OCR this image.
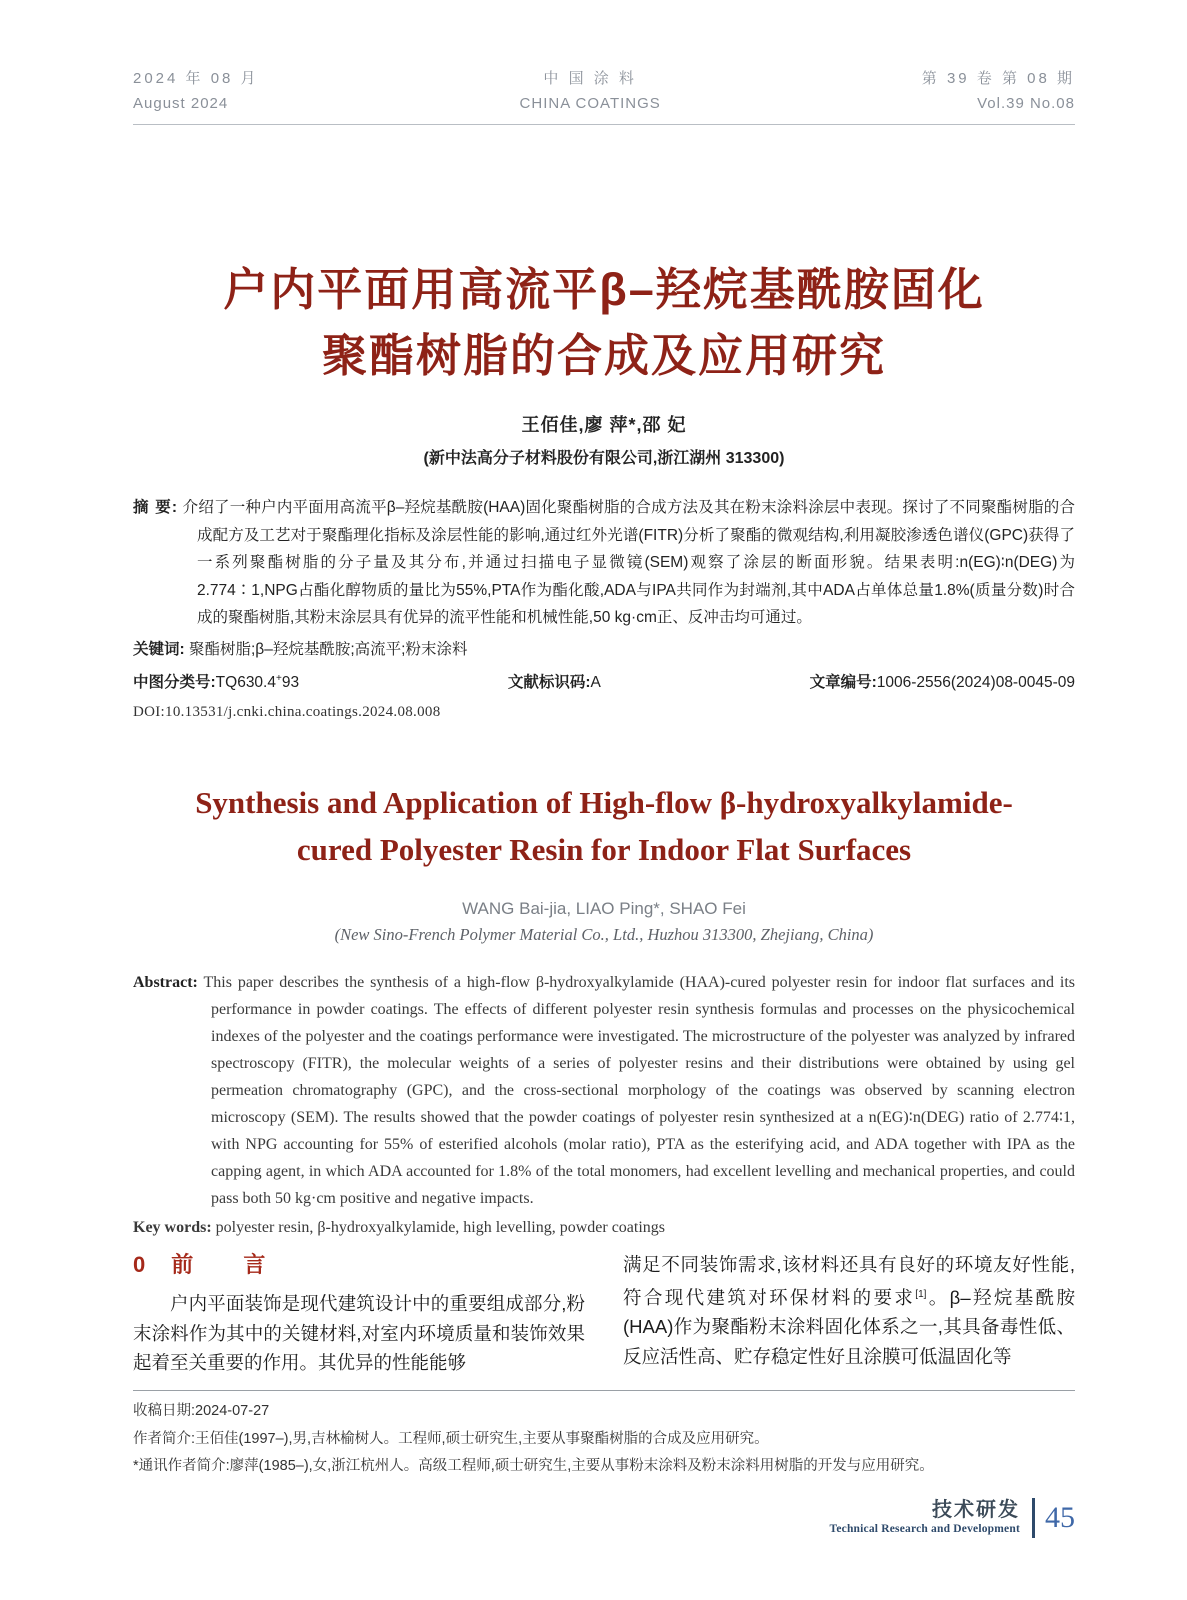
2024 年 08 月
August 2024
中 国 涂 料
CHINA COATINGS
第 39 卷 第 08 期
Vol.39 No.08
户内平面用高流平β–羟烷基酰胺固化
聚酯树脂的合成及应用研究
王佰佳,廖 萍*,邵 妃
(新中法高分子材料股份有限公司,浙江湖州 313300)
摘 要: 介绍了一种户内平面用高流平β–羟烷基酰胺(HAA)固化聚酯树脂的合成方法及其在粉末涂料涂层中表现。探讨了不同聚酯树脂的合成配方及工艺对于聚酯理化指标及涂层性能的影响,通过红外光谱(FITR)分析了聚酯的微观结构,利用凝胶渗透色谱仪(GPC)获得了一系列聚酯树脂的分子量及其分布,并通过扫描电子显微镜(SEM)观察了涂层的断面形貌。结果表明:n(EG)∶n(DEG)为2.774∶1,NPG占酯化醇物质的量比为55%,PTA作为酯化酸,ADA与IPA共同作为封端剂,其中ADA占单体总量1.8%(质量分数)时合成的聚酯树脂,其粉末涂层具有优异的流平性能和机械性能,50 kg·cm正、反冲击均可通过。
关键词: 聚酯树脂;β–羟烷基酰胺;高流平;粉末涂料
中图分类号:TQ630.4+93	文献标识码:A	文章编号:1006-2556(2024)08-0045-09
DOI:10.13531/j.cnki.china.coatings.2024.08.008
Synthesis and Application of High-flow β-hydroxyalkylamide-
cured Polyester Resin for Indoor Flat Surfaces
WANG Bai-jia, LIAO Ping*, SHAO Fei
(New Sino-French Polymer Material Co., Ltd., Huzhou 313300, Zhejiang, China)
Abstract: This paper describes the synthesis of a high-flow β-hydroxyalkylamide (HAA)-cured polyester resin for indoor flat surfaces and its performance in powder coatings. The effects of different polyester resin synthesis formulas and processes on the physicochemical indexes of the polyester and the coatings performance were investigated. The microstructure of the polyester was analyzed by infrared spectroscopy (FITR), the molecular weights of a series of polyester resins and their distributions were obtained by using gel permeation chromatography (GPC), and the cross-sectional morphology of the coatings was observed by scanning electron microscopy (SEM). The results showed that the powder coatings of polyester resin synthesized at a n(EG)∶n(DEG) ratio of 2.774∶1, with NPG accounting for 55% of esterified alcohols (molar ratio), PTA as the esterifying acid, and ADA together with IPA as the capping agent, in which ADA accounted for 1.8% of the total monomers, had excellent levelling and mechanical properties, and could pass both 50 kg·cm positive and negative impacts.
Key words: polyester resin, β-hydroxyalkylamide, high levelling, powder coatings
0 前 言

户内平面装饰是现代建筑设计中的重要组成部分,粉末涂料作为其中的关键材料,对室内环境质量和装饰效果起着至关重要的作用。其优异的性能能够

满足不同装饰需求,该材料还具有良好的环境友好性能,符合现代建筑对环保材料的要求[1]。β–羟烷基酰胺(HAA)作为聚酯粉末涂料固化体系之一,其具备毒性低、反应活性高、贮存稳定性好且涂膜可低温固化等

收稿日期:2024-07-27
作者简介:王佰佳(1997–),男,吉林榆树人。工程师,硕士研究生,主要从事聚酯树脂的合成及应用研究。
*通讯作者简介:廖萍(1985–),女,浙江杭州人。高级工程师,硕士研究生,主要从事粉末涂料及粉末涂料用树脂的开发与应用研究。
技术研发
Technical Research and Development 45
